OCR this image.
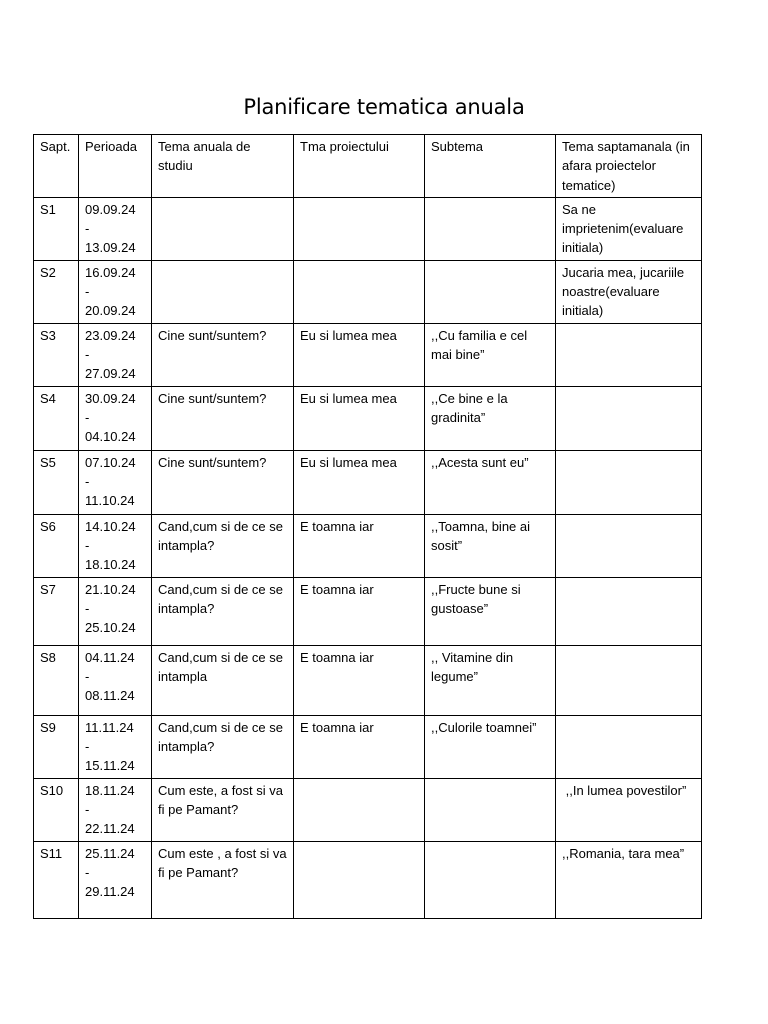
Planificare tematica anuala
Sapt.	Perioada	Tema anuala de studiu	Tma proiectului	Subtema	Tema saptamanala (in afara proiectelor tematice)
S1	09.09.24
-
13.09.24				Sa ne imprietenim(evaluare initiala)
S2	16.09.24
-
20.09.24				Jucaria mea, jucariile noastre(evaluare initiala)
S3	23.09.24
-
27.09.24	Cine sunt/suntem?	Eu si lumea mea	,,Cu familia e cel mai bine”	
S4	30.09.24
-
04.10.24	Cine sunt/suntem?	Eu si lumea mea	,,Ce bine e la gradinita”	
S5	07.10.24
-
11.10.24	Cine sunt/suntem?	Eu si lumea mea	,,Acesta sunt eu”	
S6	14.10.24
-
18.10.24	Cand,cum si de ce se intampla?	E toamna iar	,,Toamna, bine ai sosit”	
S7	21.10.24
-
25.10.24	Cand,cum si de ce se intampla?	E toamna iar	,,Fructe bune si gustoase”	
S8	04.11.24
-
08.11.24	Cand,cum si de ce se intampla	E toamna iar	,, Vitamine din legume”	
S9	11.11.24
-
15.11.24	Cand,cum si de ce se intampla?	E toamna iar	,,Culorile toamnei”	
S10	18.11.24
-
22.11.24	Cum este, a fost si va fi pe Pamant?			,,In lumea povestilor”
S11	25.11.24
-
29.11.24	Cum este , a fost si va fi pe Pamant?			,,Romania, tara mea”
